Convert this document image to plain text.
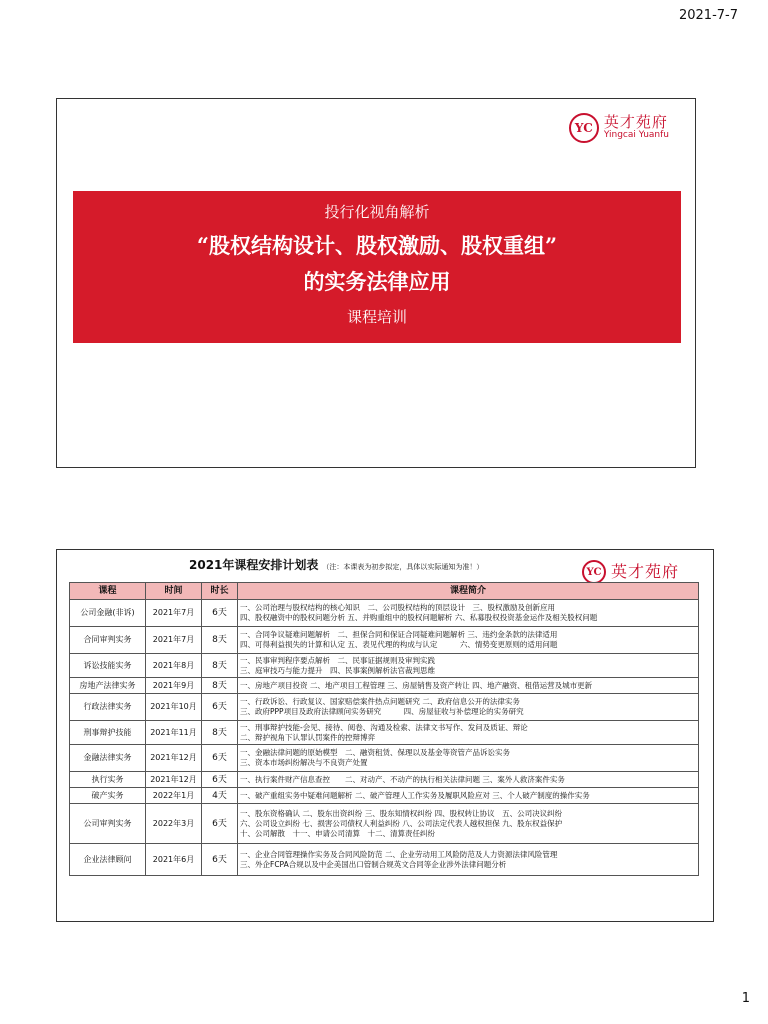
2021-7-7
YC 英才苑府
Yingcai Yuanfu
投行化视角解析
“股权结构设计、股权激励、股权重组”
的实务法律应用
课程培训
2021年课程安排计划表 （注：本课表为初步拟定，具体以实际通知为准！）	YC 英才苑府
课程	时间	时长	课程简介
公司金融(非诉)	2021年7月	6天	一、公司治理与股权结构的核心知识　二、公司股权结构的顶层设计　三、股权激励及创新应用
四、股权融资中的股权问题分析 五、并购重组中的股权问题解析 六、私募股权投资基金运作及相关股权问题

合同审判实务	2021年7月	8天	一、合同争议疑难问题解析　二、担保合同和保证合同疑难问题解析 三、违约金条款的法律适用
四、可得利益损失的计算和认定 五、表见代理的构成与认定　　　六、情势变更原则的适用问题

诉讼技能实务	2021年8月	8天	一、民事审判程序要点解析　二、民事证据规则及审判实践
三、庭审技巧与能力提升　四、民事案例解析法官裁判思维

房地产法律实务	2021年9月	8天	一、房地产项目投资 二、地产项目工程管理 三、房屋销售及资产转让 四、地产融资、租借运营及城市更新

行政法律实务	2021年10月	6天	一、行政诉讼、行政复议、国家赔偿案件热点问题研究 二、政府信息公开的法律实务
三、政府PPP项目及政府法律顾问实务研究　　　四、房屋征收与补偿理论的实务研究

刑事辩护技能	2021年11月	8天	一、刑事辩护技能-会见、接待、阅卷、沟通及检索、法律文书写作、发问及质证、辩论
二、辩护视角下认罪认罚案件的控辩博弈

金融法律实务	2021年12月	6天	一、金融法律问题的原始模型　二、融资租赁、保理以及基金等资管产品诉讼实务
三、资本市场纠纷解决与不良资产处置

执行实务	2021年12月	6天	一、执行案件财产信息查控　　二、对动产、不动产的执行相关法律问题 三、案外人救济案件实务

破产实务	2022年1月	4天	一、破产重组实务中疑难问题解析 二、破产管理人工作实务及履职风险应对 三、个人破产制度的操作实务

公司审判实务	2022年3月	6天	一、股东资格确认 二、股东出资纠纷 三、股东知情权纠纷 四、股权转让协议　五、公司决议纠纷
六、公司设立纠纷 七、损害公司债权人利益纠纷 八、公司法定代表人越权担保 九、股东权益保护
十、公司解散　十一、申请公司清算　十二、清算责任纠纷

企业法律顾问	2021年6月	6天	一、企业合同管理操作实务及合同风险防范 二、企业劳动用工风险防范及人力资源法律风险管理
三、外企FCPA合规以及中企美国出口管制合规英文合同等企业涉外法律问题分析
1
